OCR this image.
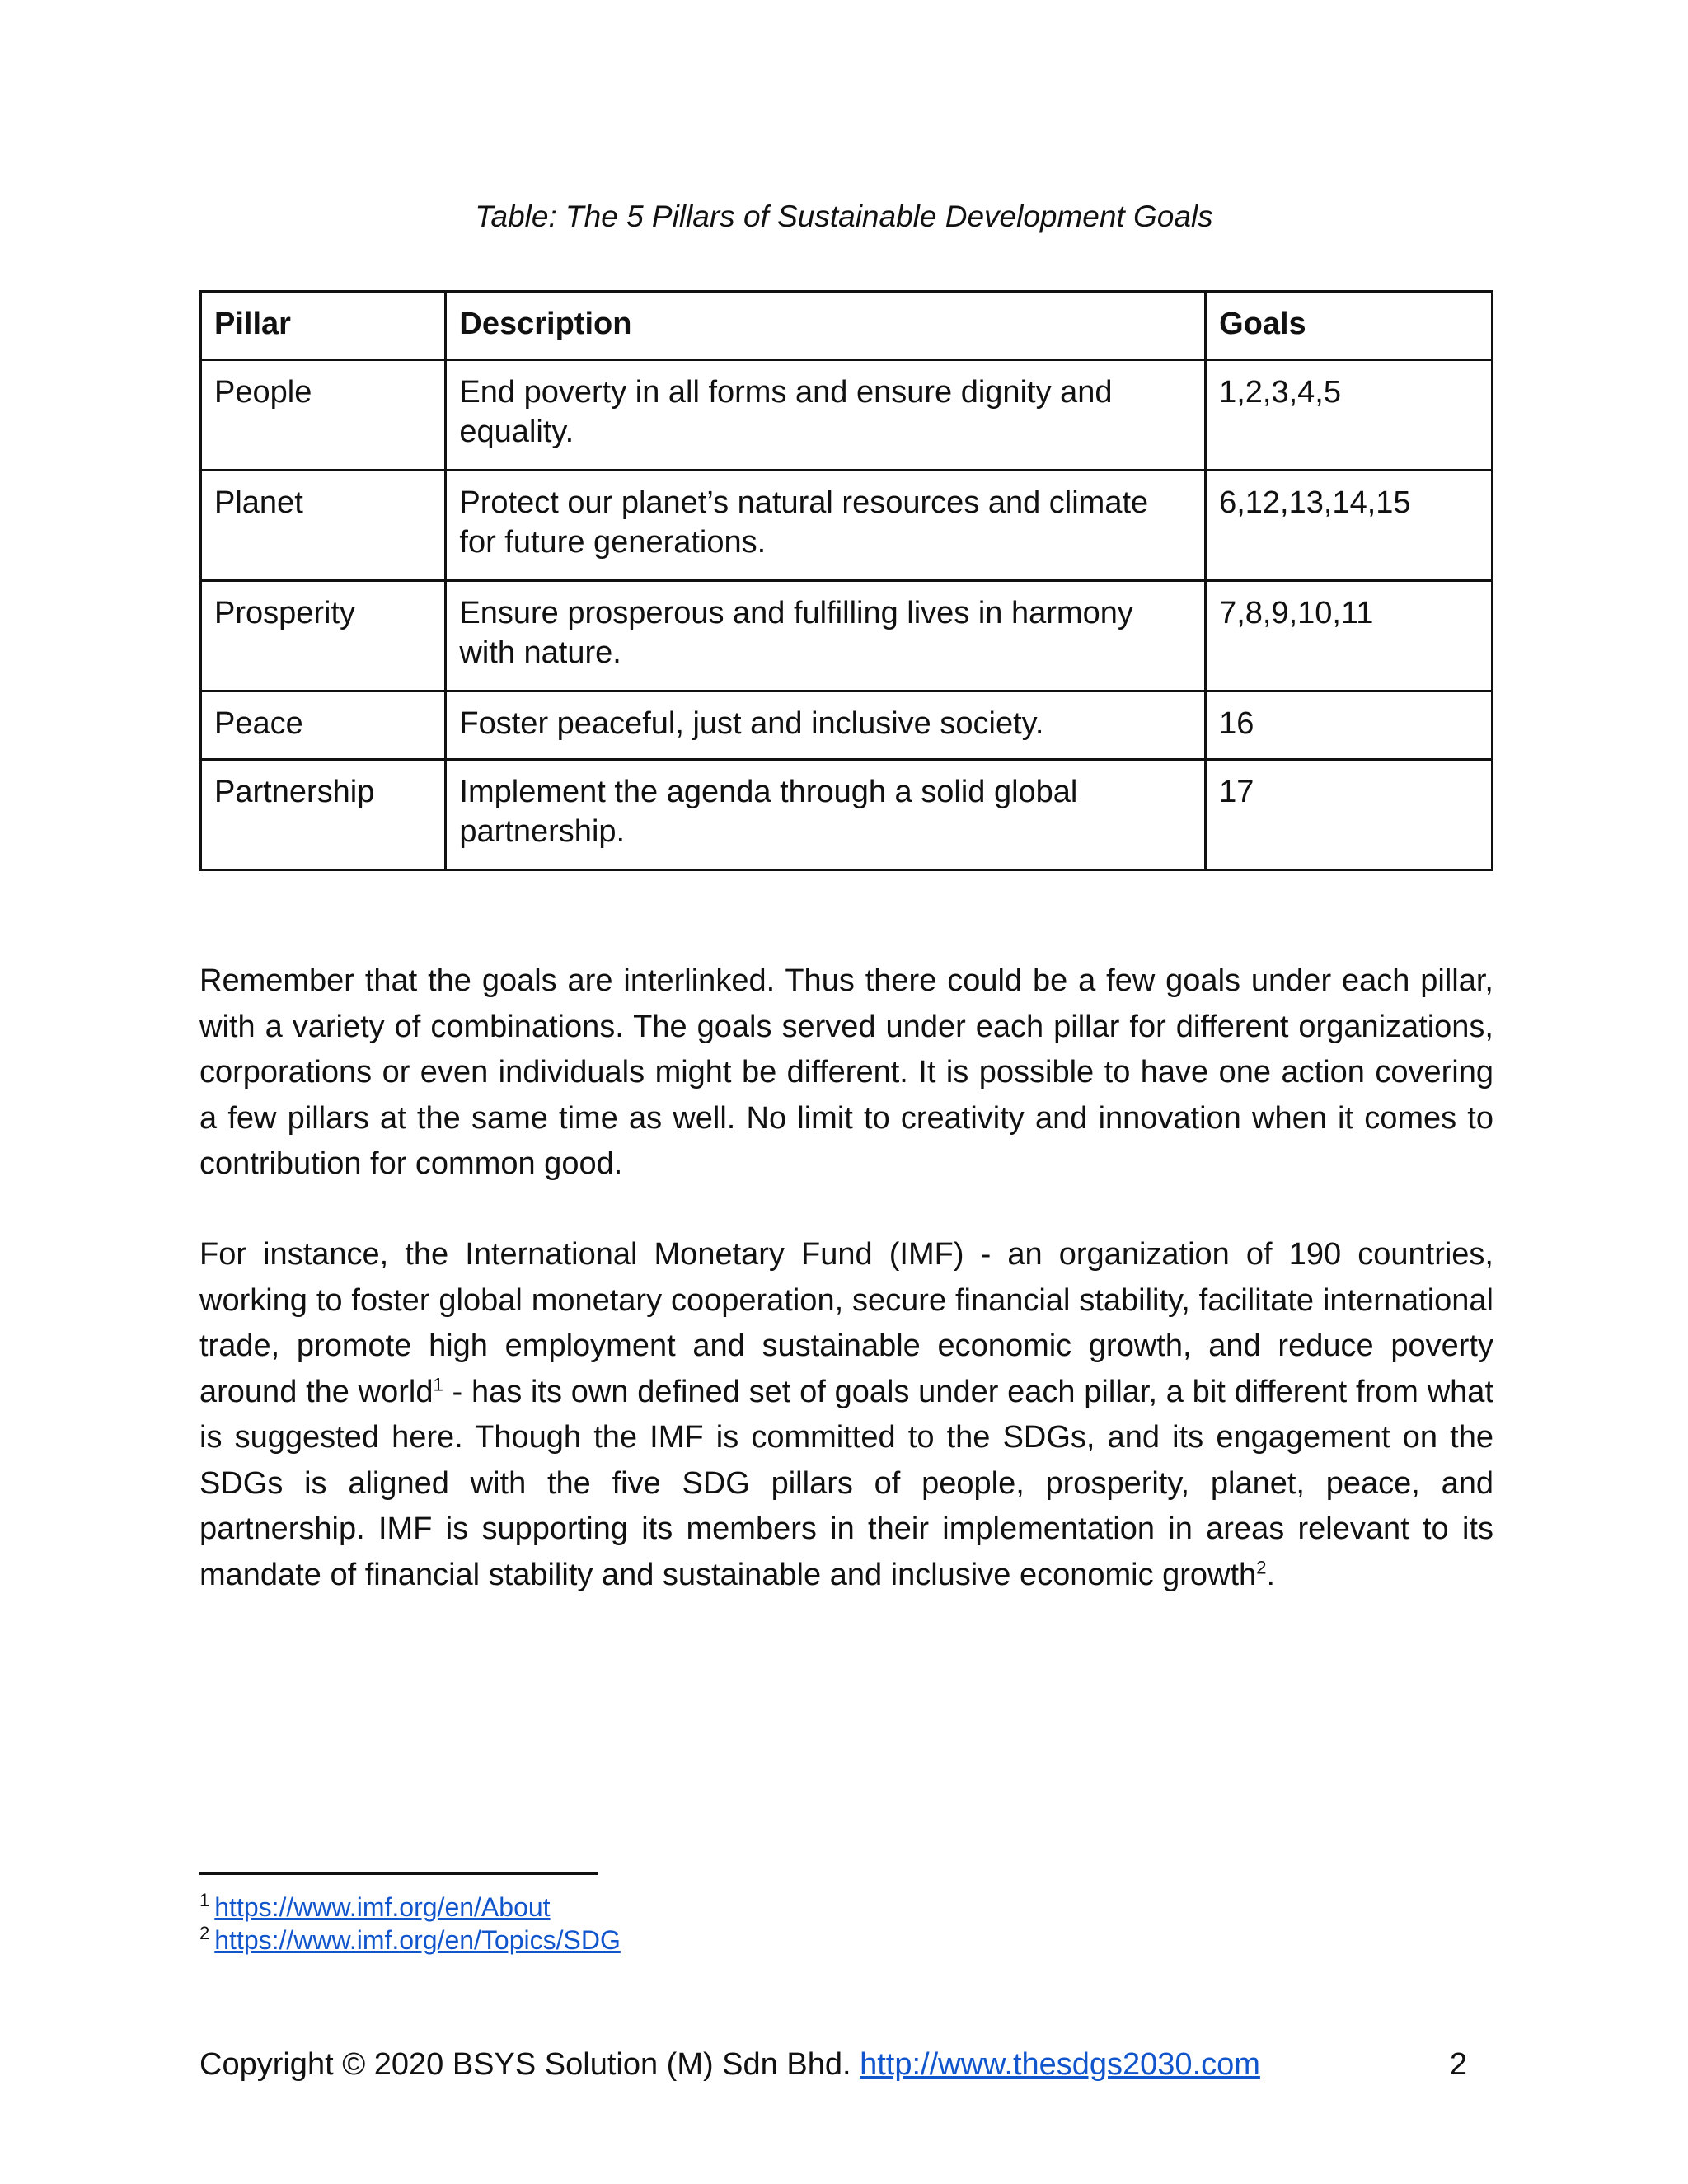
Table: The 5 Pillars of Sustainable Development Goals
Pillar	Description	Goals
People	End poverty in all forms and ensure dignity and equality.	1,2,3,4,5
Planet	Protect our planet’s natural resources and climate for future generations.	6,12,13,14,15
Prosperity	Ensure prosperous and fulfilling lives in harmony with nature.	7,8,9,10,11
Peace	Foster peaceful, just and inclusive society.	16
Partnership	Implement the agenda through a solid global partnership.	17

Remember that the goals are interlinked. Thus there could be a few goals under each pillar, with a variety of combinations. The goals served under each pillar for different organizations, corporations or even individuals might be different. It is possible to have one action covering a few pillars at the same time as well. No limit to creativity and innovation when it comes to contribution for common good.

For instance, the International Monetary Fund (IMF) - an organization of 190 countries, working to foster global monetary cooperation, secure financial stability, facilitate international trade, promote high employment and sustainable economic growth, and reduce poverty around the world$^1$ - has its own defined set of goals under each pillar, a bit different from what is suggested here. Though the IMF is committed to the SDGs, and its engagement on the SDGs is aligned with the five SDG pillars of people, prosperity, planet, peace, and partnership. IMF is supporting its members in their implementation in areas relevant to its mandate of financial stability and sustainable and inclusive economic growth$^2$.

$^1$ https://www.imf.org/en/About
$^2$ https://www.imf.org/en/Topics/SDG
Copyright © 2020 BSYS Solution (M) Sdn Bhd. http://www.thesdgs2030.com	2
